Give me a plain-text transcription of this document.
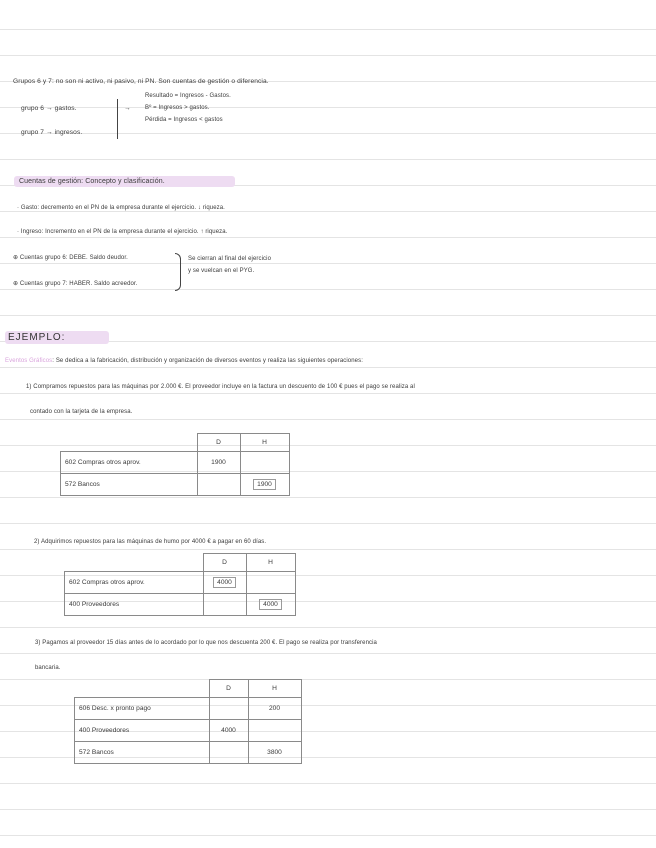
Grupos 6 y 7: no son ni activo, ni pasivo, ni PN. Son cuentas de gestión o diferencia.
grupo 6 → gastos.
grupo 7 → ingresos.
→
Resultado = Ingresos - Gastos.
Bº = Ingresos > gastos.
Pérdida = Ingresos < gastos
Cuentas de gestión: Concepto y clasificación.
· Gasto: decremento en el PN de la empresa durante el ejercicio. ↓ riqueza.
· Ingreso: Incremento en el PN de la empresa durante el ejercicio. ↑ riqueza.
⊕ Cuentas grupo 6: DEBE. Saldo deudor.
⊕ Cuentas grupo 7: HABER. Saldo acreedor.
Se cierran al final del ejercicio
y se vuelcan en el PYG.
EJEMPLO:
Eventos Gráficos: Se dedica a la fabricación, distribución y organización de diversos eventos y realiza las siguientes operaciones:
1) Compramos repuestos para las máquinas por 2.000 €. El proveedor incluye en la factura un descuento de 100 € pues el pago se realiza al
contado con la tarjeta de la empresa.
	D	H
602 Compras otros aprov.	1900	
572 Bancos		1900
2) Adquirimos repuestos para las máquinas de humo por 4000 € a pagar en 60 días.
	D	H
602 Compras otros aprov.	4000	
400 Proveedores		4000
3) Pagamos al proveedor 15 días antes de lo acordado por lo que nos descuenta 200 €. El pago se realiza por transferencia
bancaria.
	D	H
606 Desc. x pronto pago		200
400 Proveedores	4000	
572 Bancos		3800
